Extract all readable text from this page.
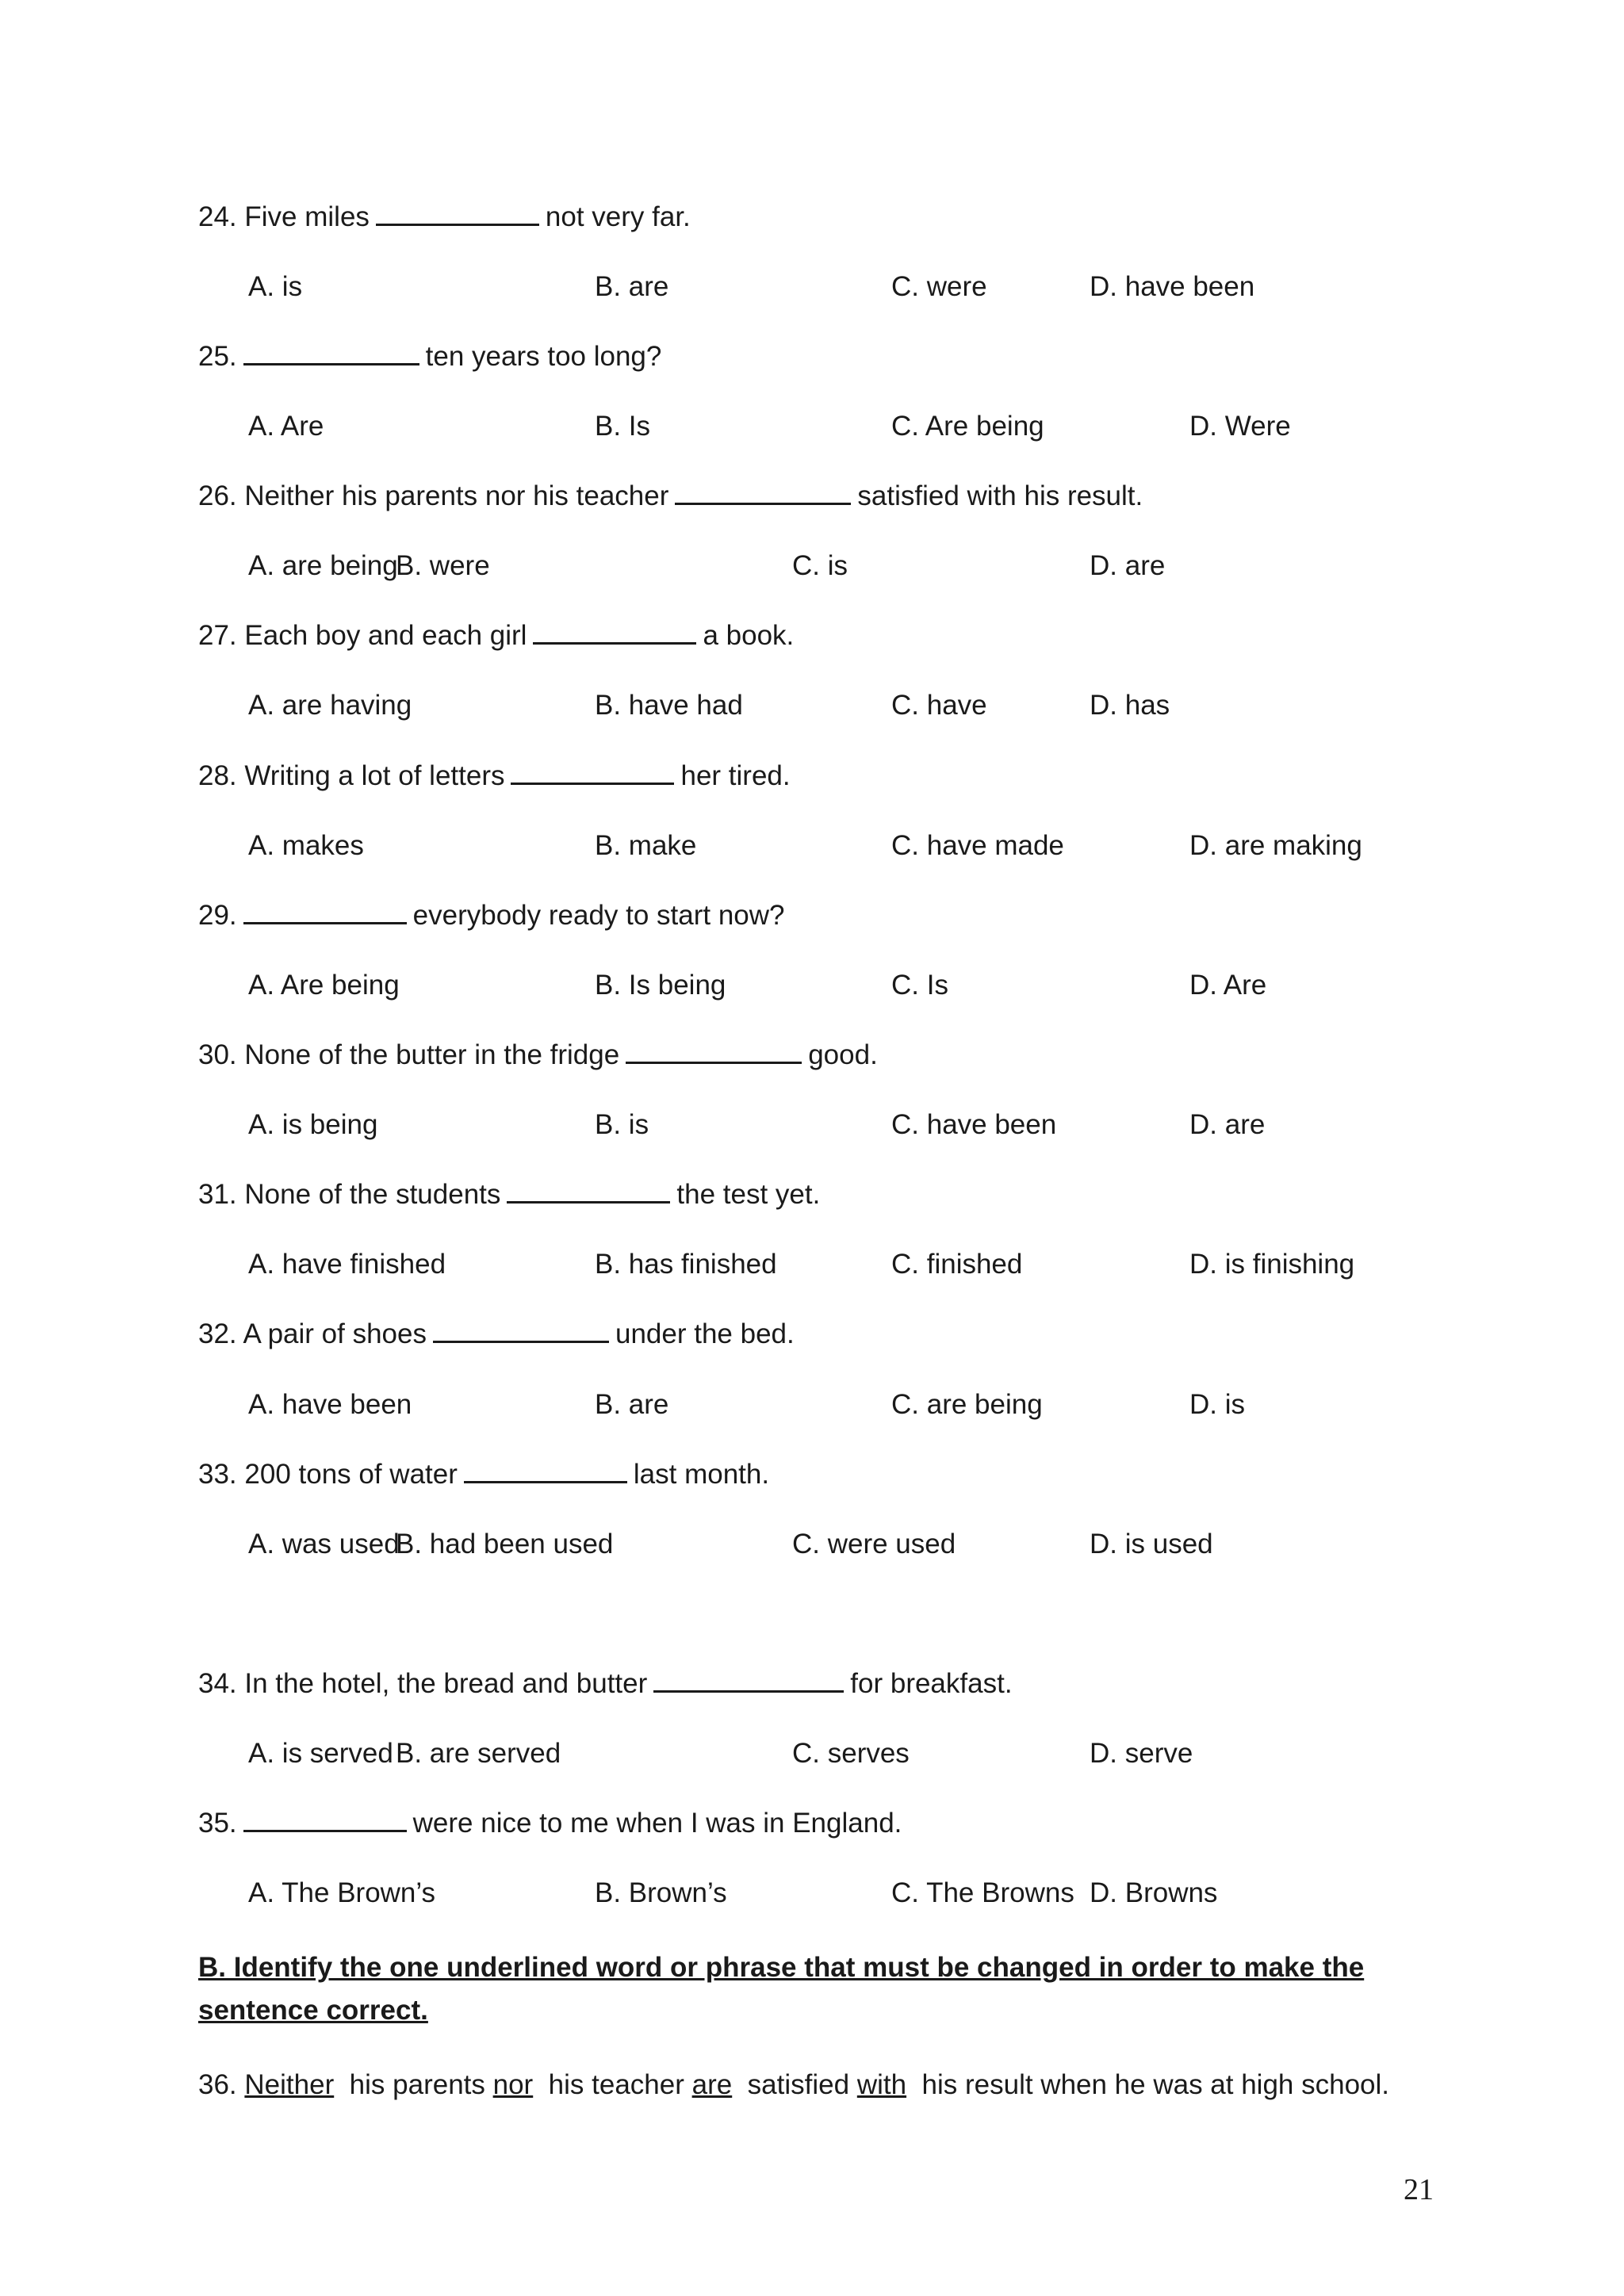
24. Five miles	not very far.
A. is	B. are	C. were	D. have been
25.	ten years too long?
A. Are	B. Is	C. Are being	D. Were
26. Neither his parents nor his teacher	satisfied with his result.
A. are being
B. were	C. is	D. are
27. Each boy and each girl	a book.
A. are having	B. have had	C. have	D. has
28. Writing a lot of letters	her tired.
A. makes	B. make	C. have made	D. are making
29.	everybody ready to start now?
A. Are being	B. Is being	C. Is	D. Are
30. None of the butter in the fridge	good.
A. is being	B. is	C. have been	D. are
31. None of the students	the test yet.
A. have finished	B. has finished	C. finished	D. is finishing
32. A pair of shoes	under the bed.
A. have been	B. are	C. are being	D. is
33. 200 tons of water	last month.
A. was used
B. had been used	C. were used	D. is used
34. In the hotel, the bread and butter	for breakfast.
A. is served B. are served	C. serves	D. serve
35.	were nice to me when I was in England.
A. The Brown’s	B. Brown’s	C. The Browns D. Browns
B. Identify the one underlined word or phrase that must be changed in order to make the sentence correct.
36. Neither his parents nor his teacher are satisfied with his result when he was at high school.
21
